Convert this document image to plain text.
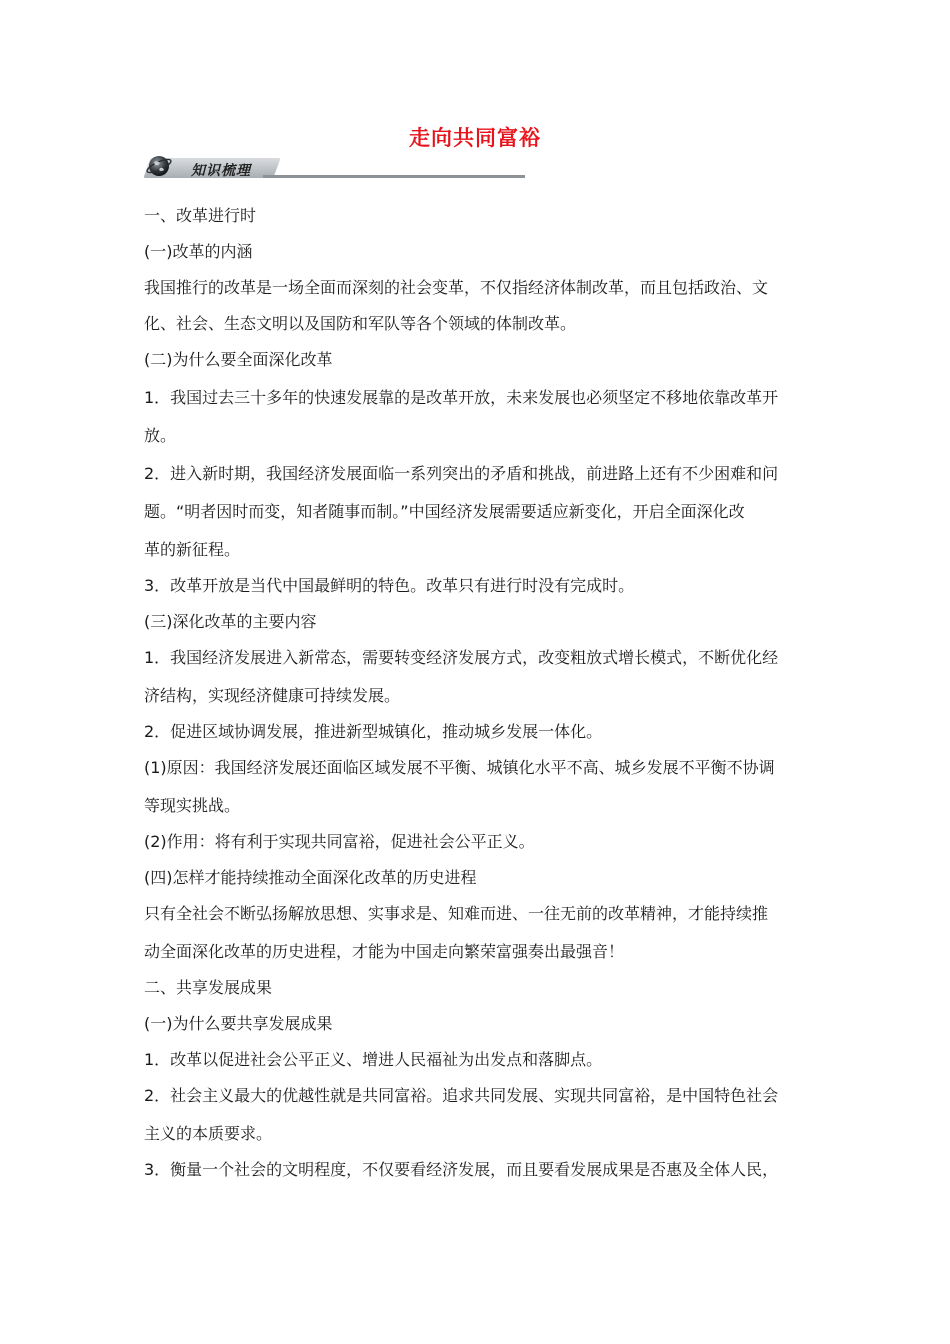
走向共同富裕
知识梳理
一、改革进行时
(一)改革的内涵
我国推行的改革是一场全面而深刻的社会变革，不仅指经济体制改革，而且包括政治、文
化、社会、生态文明以及国防和军队等各个领域的体制改革。
(二)为什么要全面深化改革
1．我国过去三十多年的快速发展靠的是改革开放，未来发展也必须坚定不移地依靠改革开
放。
2．进入新时期，我国经济发展面临一系列突出的矛盾和挑战，前进路上还有不少困难和问
题。“明者因时而变，知者随事而制。”中国经济发展需要适应新变化，开启全面深化改
革的新征程。
3．改革开放是当代中国最鲜明的特色。改革只有进行时没有完成时。
(三)深化改革的主要内容
1．我国经济发展进入新常态，需要转变经济发展方式，改变粗放式增长模式，不断优化经
济结构，实现经济健康可持续发展。
2．促进区域协调发展，推进新型城镇化，推动城乡发展一体化。
(1)原因：我国经济发展还面临区域发展不平衡、城镇化水平不高、城乡发展不平衡不协调
等现实挑战。
(2)作用：将有利于实现共同富裕，促进社会公平正义。
(四)怎样才能持续推动全面深化改革的历史进程
只有全社会不断弘扬解放思想、实事求是、知难而进、一往无前的改革精神，才能持续推
动全面深化改革的历史进程，才能为中国走向繁荣富强奏出最强音！
二、共享发展成果
(一)为什么要共享发展成果
1．改革以促进社会公平正义、增进人民福祉为出发点和落脚点。
2．社会主义最大的优越性就是共同富裕。追求共同发展、实现共同富裕，是中国特色社会
主义的本质要求。
3．衡量一个社会的文明程度，不仅要看经济发展，而且要看发展成果是否惠及全体人民，
